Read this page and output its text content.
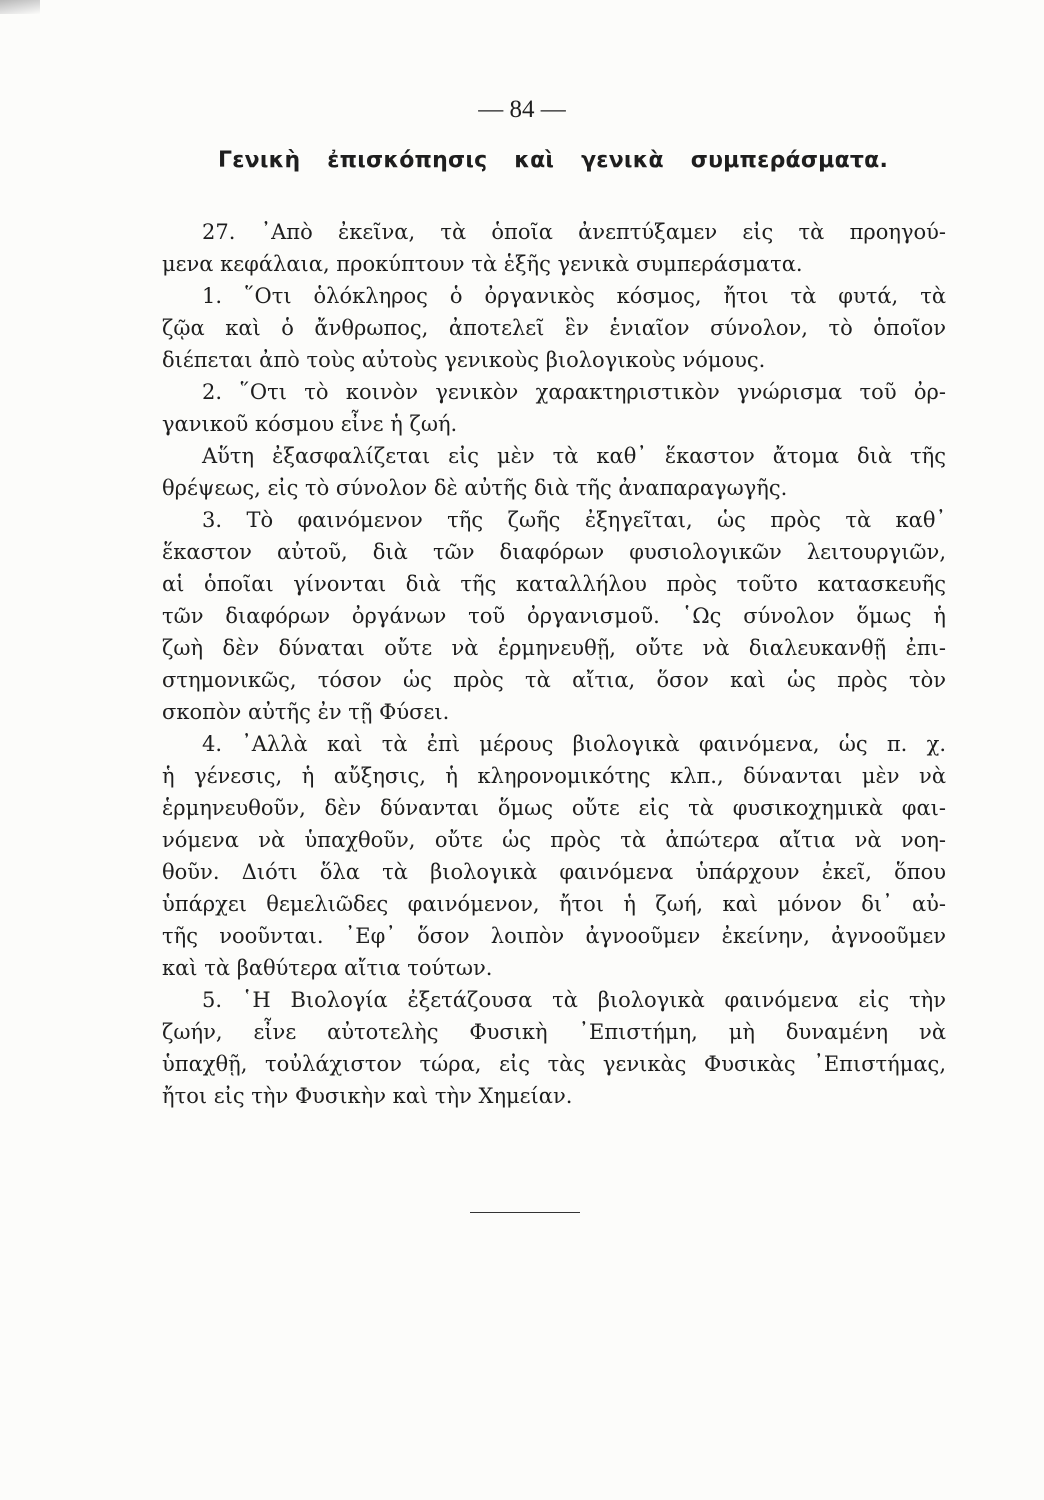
— 84 —
Γενικὴ ἐπισκόπησις καὶ γενικὰ συμπεράσματα.
27. ᾿Απὸ ἐκεῖνα, τὰ ὁποῖα ἀνεπτύξαμεν εἰς τὰ προηγού-
μενα κεφάλαια, προκύπτουν τὰ ἑξῆς γενικὰ συμπεράσματα.
1. ῞Οτι ὁλόκληρος ὁ ὀργανικὸς κόσμος, ἤτοι τὰ φυτά, τὰ
ζῷα καὶ ὁ ἄνθρωπος, ἀποτελεῖ ἓν ἑνιαῖον σύνολον, τὸ ὁποῖον
διέπεται ἀπὸ τοὺς αὐτοὺς γενικοὺς βιολογικοὺς νόμους.
2. ῞Οτι τὸ κοινὸν γενικὸν χαρακτηριστικὸν γνώρισμα τοῦ ὀρ-
γανικοῦ κόσμου εἶνε ἡ ζωή.
Αὕτη ἐξασφαλίζεται εἰς μὲν τὰ καθ᾿ ἕκαστον ἄτομα διὰ τῆς
θρέψεως, εἰς τὸ σύνολον δὲ αὐτῆς διὰ τῆς ἀναπαραγωγῆς.
3. Τὸ φαινόμενον τῆς ζωῆς ἐξηγεῖται, ὡς πρὸς τὰ καθ᾿
ἕκαστον αὐτοῦ, διὰ τῶν διαφόρων φυσιολογικῶν λειτουργιῶν,
αἱ ὁποῖαι γίνονται διὰ τῆς καταλλήλου πρὸς τοῦτο κατασκευῆς
τῶν διαφόρων ὀργάνων τοῦ ὀργανισμοῦ. ῾Ως σύνολον ὅμως ἡ
ζωὴ δὲν δύναται οὔτε νὰ ἑρμηνευθῇ, οὔτε νὰ διαλευκανθῇ ἐπι-
στημονικῶς, τόσον ὡς πρὸς τὰ αἴτια, ὅσον καὶ ὡς πρὸς τὸν
σκοπὸν αὐτῆς ἐν τῇ Φύσει.
4. ᾿Αλλὰ καὶ τὰ ἐπὶ μέρους βιολογικὰ φαινόμενα, ὡς π. χ.
ἡ γένεσις, ἡ αὔξησις, ἡ κληρονομικότης κλπ., δύνανται μὲν νὰ
ἑρμηνευθοῦν, δὲν δύνανται ὅμως οὔτε εἰς τὰ φυσικοχημικὰ φαι-
νόμενα νὰ ὑπαχθοῦν, οὔτε ὡς πρὸς τὰ ἀπώτερα αἴτια νὰ νοη-
θοῦν. Διότι ὅλα τὰ βιολογικὰ φαινόμενα ὑπάρχουν ἐκεῖ, ὅπου
ὑπάρχει θεμελιῶδες φαινόμενον, ἤτοι ἡ ζωή, καὶ μόνον δι᾿ αὐ-
τῆς νοοῦνται. ᾿Εφ᾿ ὅσον λοιπὸν ἀγνοοῦμεν ἐκείνην, ἀγνοοῦμεν
καὶ τὰ βαθύτερα αἴτια τούτων.
5. ῾Η Βιολογία ἐξετάζουσα τὰ βιολογικὰ φαινόμενα εἰς τὴν
ζωήν, εἶνε αὐτοτελὴς Φυσικὴ ᾿Επιστήμη, μὴ δυναμένη νὰ
ὑπαχθῇ, τοὐλάχιστον τώρα, εἰς τὰς γενικὰς Φυσικὰς ᾿Επιστήμας,
ἤτοι εἰς τὴν Φυσικὴν καὶ τὴν Χημείαν.
